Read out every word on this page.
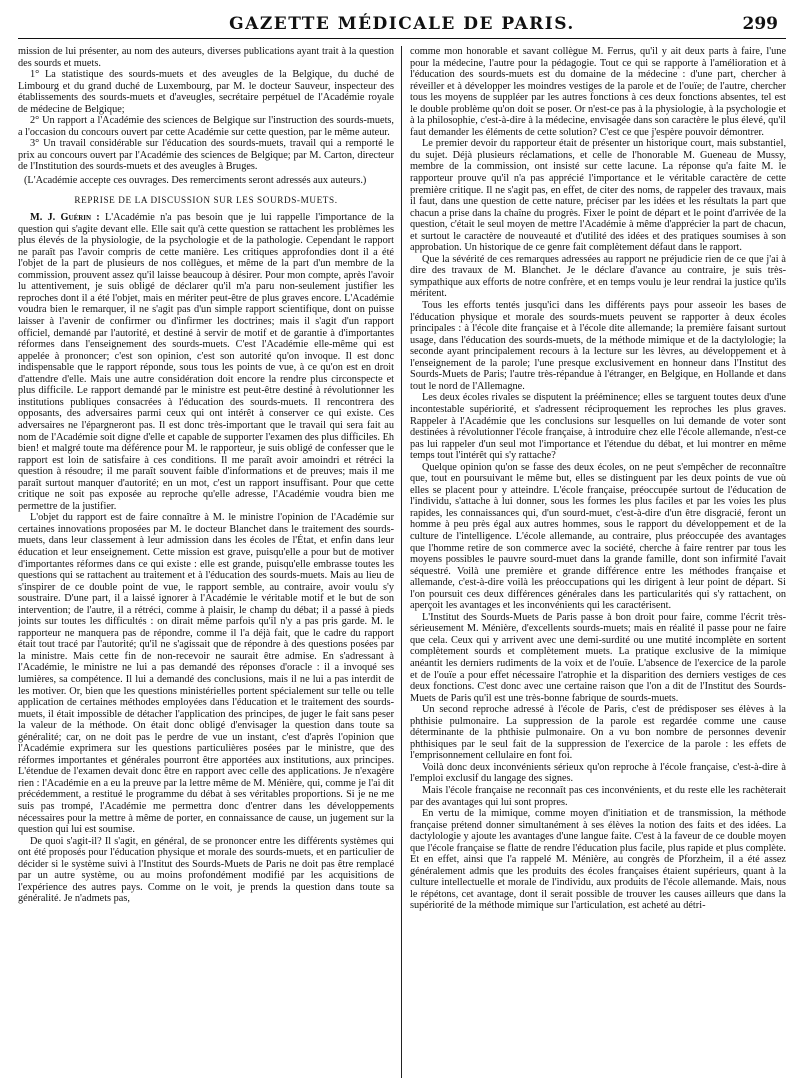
GAZETTE MÉDICALE DE PARIS.	299

mission de lui présenter, au nom des auteurs, diverses publications ayant trait à la question des sourds et muets.

1° La statistique des sourds-muets et des aveugles de la Belgique, du duché de Limbourg et du grand duché de Luxembourg, par M. le docteur Sauveur, inspecteur des établissements des sourds-muets et d'aveugles, secrétaire perpétuel de l'Académie royale de médecine de Belgique;

2° Un rapport a l'Académie des sciences de Belgique sur l'instruction des sourds-muets, a l'occasion du concours ouvert par cette Académie sur cette question, par le même auteur.

3° Un travail considérable sur l'éducation des sourds-muets, travail qui a remporté le prix au concours ouvert par l'Académie des sciences de Belgique; par M. Carton, directeur de l'Institution des sourds-muets et des aveugles à Bruges.

(L'Académie accepte ces ouvrages. Des remerciments seront adressés aux auteurs.)

REPRISE DE LA DISCUSSION SUR LES SOURDS-MUETS.

M. J. Guérin : L'Académie n'a pas besoin que je lui rappelle l'importance de la question qui s'agite devant elle. Elle sait qu'à cette question se rattachent les problèmes les plus élevés de la physiologie, de la psychologie et de la pathologie. Cependant le rapport ne paraît pas l'avoir compris de cette manière. Les critiques approfondies dont il a été l'objet de la part de plusieurs de nos collègues, et même de la part d'un membre de la commission, prouvent assez qu'il laisse beaucoup à désirer. Pour mon compte, après l'avoir lu attentivement, je suis obligé de déclarer qu'il m'a paru non-seulement justifier les reproches dont il a été l'objet, mais en mériter peut-être de plus graves encore. L'Académie voudra bien le remarquer, il ne s'agit pas d'un simple rapport scientifique, dont on puisse laisser à l'avenir de confirmer ou d'infirmer les doctrines; mais il s'agit d'un rapport officiel, demandé par l'autorité, et destiné à servir de motif et de garantie à d'importantes réformes dans l'enseignement des sourds-muets. C'est l'Académie elle-même qui est appelée à prononcer; c'est son opinion, c'est son autorité qu'on invoque. Il est donc indispensable que le rapport réponde, sous tous les points de vue, à ce qu'on est en droit d'attendre d'elle. Mais une autre considération doit encore la rendre plus circonspecte et plus difficile. Le rapport demandé par le ministre est peut-être destiné à révolutionner les institutions publiques consacrées à l'éducation des sourds-muets. Il rencontrera des opposants, des adversaires parmi ceux qui ont intérêt à conserver ce qui existe. Ces adversaires ne l'épargneront pas. Il est donc très-important que le travail qui sera fait au nom de l'Académie soit digne d'elle et capable de supporter l'examen des plus difficiles. Eh bien! et malgré toute ma déférence pour M. le rapporteur, je suis obligé de confesser que le rapport est loin de satisfaire à ces conditions. Il me paraît avoir amoindri et rétréci la question à résoudre; il me paraît souvent faible d'informations et de preuves; mais il me paraît surtout manquer d'autorité; en un mot, c'est un rapport insuffisant. Pour que cette critique ne soit pas exposée au reproche qu'elle adresse, l'Académie voudra bien me permettre de la justifier.

L'objet du rapport est de faire connaître à M. le ministre l'opinion de l'Académie sur certaines innovations proposées par M. le docteur Blanchet dans le traitement des sourds-muets, dans leur classement à leur admission dans les écoles de l'État, et enfin dans leur éducation et leur enseignement. Cette mission est grave, puisqu'elle a pour but de motiver d'importantes réformes dans ce qui existe : elle est grande, puisqu'elle embrasse toutes les questions qui se rattachent au traitement et à l'éducation des sourds-muets. Mais au lieu de s'inspirer de ce double point de vue, le rapport semble, au contraire, avoir voulu s'y soustraire. D'une part, il a laissé ignorer à l'Académie le véritable motif et le but de son intervention; de l'autre, il a rétréci, comme à plaisir, le champ du débat; il a passé à pieds joints sur toutes les difficultés : on dirait même parfois qu'il n'y a pas pris garde. M. le rapporteur ne manquera pas de répondre, comme il l'a déjà fait, que le cadre du rapport était tout tracé par l'autorité; qu'il ne s'agissait que de répondre à des questions posées par la ministre. Mais cette fin de non-recevoir ne saurait être admise. En s'adressant à l'Académie, le ministre ne lui a pas demandé des réponses d'oracle : il a invoqué ses lumières, sa compétence. Il lui a demandé des conclusions, mais il ne lui a pas interdit de les motiver. Or, bien que les questions ministérielles portent spécialement sur telle ou telle application de certaines méthodes employées dans l'éducation et le traitement des sourds-muets, il était impossible de détacher l'application des principes, de juger le fait sans peser la valeur de la méthode. On était donc obligé d'envisager la question dans toute sa généralité; car, on ne doit pas le perdre de vue un instant, c'est d'après l'opinion que l'Académie exprimera sur les questions particulières posées par le ministre, que des réformes importantes et générales pourront être apportées aux institutions, aux principes. L'étendue de l'examen devait donc être en rapport avec celle des applications. Je n'exagère rien : l'Académie en a eu la preuve par la lettre même de M. Ménière, qui, comme je l'ai dit précédemment, a restitué le programme du débat à ses véritables proportions. Si je ne me suis pas trompé, l'Académie me permettra donc d'entrer dans les développements nécessaires pour la mettre à même de porter, en connaissance de cause, un jugement sur la question qui lui est soumise.

De quoi s'agit-il? Il s'agit, en général, de se prononcer entre les différents systèmes qui ont été proposés pour l'éducation physique et morale des sourds-muets, et en particulier de décider si le système suivi à l'Institut des Sourds-Muets de Paris ne doit pas être remplacé par un autre système, ou au moins profondément modifié par les acquisitions de l'expérience des autres pays. Comme on le voit, je prends la question dans toute sa généralité. Je n'admets pas,

comme mon honorable et savant collègue M. Ferrus, qu'il y ait deux parts à faire, l'une pour la médecine, l'autre pour la pédagogie. Tout ce qui se rapporte à l'amélioration et à l'éducation des sourds-muets est du domaine de la médecine : d'une part, chercher à réveiller et à développer les moindres vestiges de la parole et de l'ouïe; de l'autre, chercher tous les moyens de suppléer par les autres fonctions à ces deux fonctions absentes, tel est le double problème qu'on doit se poser. Or n'est-ce pas à la physiologie, à la psychologie et à la philosophie, c'est-à-dire à la médecine, envisagée dans son caractère le plus élevé, qu'il faut demander les éléments de cette solution? C'est ce que j'espère pouvoir démontrer.

Le premier devoir du rapporteur était de présenter un historique court, mais substantiel, du sujet. Déjà plusieurs réclamations, et celle de l'honorable M. Gueneau de Mussy, membre de la commission, ont insisté sur cette lacune. La réponse qu'a faite M. le rapporteur prouve qu'il n'a pas apprécié l'importance et le véritable caractère de cette première critique. Il ne s'agit pas, en effet, de citer des noms, de rappeler des travaux, mais il faut, dans une question de cette nature, préciser par les idées et les résultats la part que chacun a prise dans la chaîne du progrès. Fixer le point de départ et le point d'arrivée de la question, c'était le seul moyen de mettre l'Académie à même d'apprécier la part de chacun, et surtout le caractère de nouveauté et d'utilité des idées et des pratiques soumises à son approbation. Un historique de ce genre fait complètement défaut dans le rapport.

Que la sévérité de ces remarques adressées au rapport ne préjudicie rien de ce que j'ai à dire des travaux de M. Blanchet. Je le déclare d'avance au contraire, je suis très-sympathique aux efforts de notre confrère, et en temps voulu je leur rendrai la justice qu'ils méritent.

Tous les efforts tentés jusqu'ici dans les différents pays pour asseoir les bases de l'éducation physique et morale des sourds-muets peuvent se rapporter à deux écoles principales : à l'école dite française et à l'école dite allemande; la première faisant surtout usage, dans l'éducation des sourds-muets, de la méthode mimique et de la dactylologie; la seconde ayant principalement recours à la lecture sur les lèvres, au développement et à l'enseignement de la parole; l'une presque exclusivement en honneur dans l'Institut des Sourds-Muets de Paris; l'autre très-répandue à l'étranger, en Belgique, en Hollande et dans tout le nord de l'Allemagne.

Les deux écoles rivales se disputent la prééminence; elles se targuent toutes deux d'une incontestable supériorité, et s'adressent réciproquement les reproches les plus graves. Rappeler à l'Académie que les conclusions sur lesquelles on lui demande de voter sont destinées à révolutionner l'école française, à introduire chez elle l'école allemande, n'est-ce pas lui rappeler d'un seul mot l'importance et l'étendue du débat, et lui montrer en même temps tout l'intérêt qui s'y rattache?

Quelque opinion qu'on se fasse des deux écoles, on ne peut s'empêcher de reconnaître que, tout en poursuivant le même but, elles se distinguent par les deux points de vue où elles se placent pour y atteindre. L'école française, préoccupée surtout de l'éducation de l'individu, s'attache à lui donner, sous les formes les plus faciles et par les voies les plus rapides, les connaissances qui, d'un sourd-muet, c'est-à-dire d'un être disgracié, feront un homme à peu près égal aux autres hommes, sous le rapport du développement et de la culture de l'intelligence. L'école allemande, au contraire, plus préoccupée des avantages que l'homme retire de son commerce avec la société, cherche à faire rentrer par tous les moyens possibles le pauvre sourd-muet dans la grande famille, dont son infirmité l'avait séquestré. Voilà une première et grande différence entre les méthodes française et allemande, c'est-à-dire voilà les préoccupations qui les dirigent à leur point de départ. Si l'on poursuit ces deux différences générales dans les particularités qui s'y rattachent, on aperçoit les avantages et les inconvénients qui les caractérisent.

L'Institut des Sourds-Muets de Paris passe à bon droit pour faire, comme l'écrit très-sérieusement M. Ménière, d'excellents sourds-muets; mais en réalité il passe pour ne faire que cela. Ceux qui y arrivent avec une demi-surdité ou une mutité incomplète en sortent complètement sourds et complètement muets. La pratique exclusive de la mimique anéantit les derniers rudiments de la voix et de l'ouïe. L'absence de l'exercice de la parole et de l'ouïe a pour effet nécessaire l'atrophie et la disparition des derniers vestiges de ces deux fonctions. C'est donc avec une certaine raison que l'on a dit de l'Institut des Sourds-Muets de Paris qu'il est une très-bonne fabrique de sourds-muets.

Un second reproche adressé à l'école de Paris, c'est de prédisposer ses élèves à la phthisie pulmonaire. La suppression de la parole est regardée comme une cause déterminante de la phthisie pulmonaire. On a vu bon nombre de personnes devenir phthisiques par le seul fait de la suppression de l'exercice de la parole : les effets de l'emprisonnement cellulaire en font foi.

Voilà donc deux inconvénients sérieux qu'on reproche à l'école française, c'est-à-dire à l'emploi exclusif du langage des signes.

Mais l'école française ne reconnaît pas ces inconvénients, et du reste elle les rachèterait par des avantages qui lui sont propres.

En vertu de la mimique, comme moyen d'initiation et de transmission, la méthode française prétend donner simultanément à ses élèves la notion des faits et des idées. La dactylologie y ajoute les avantages d'une langue faite. C'est à la faveur de ce double moyen que l'école française se flatte de rendre l'éducation plus facile, plus rapide et plus complète. Et en effet, ainsi que l'a rappelé M. Ménière, au congrès de Pforzheim, il a été assez généralement admis que les produits des écoles françaises étaient supérieurs, quant à la culture intellectuelle et morale de l'individu, aux produits de l'école allemande. Mais, nous le répétons, cet avantage, dont il serait possible de trouver les causes ailleurs que dans la supériorité de la méthode mimique sur l'articulation, est acheté au détri-
